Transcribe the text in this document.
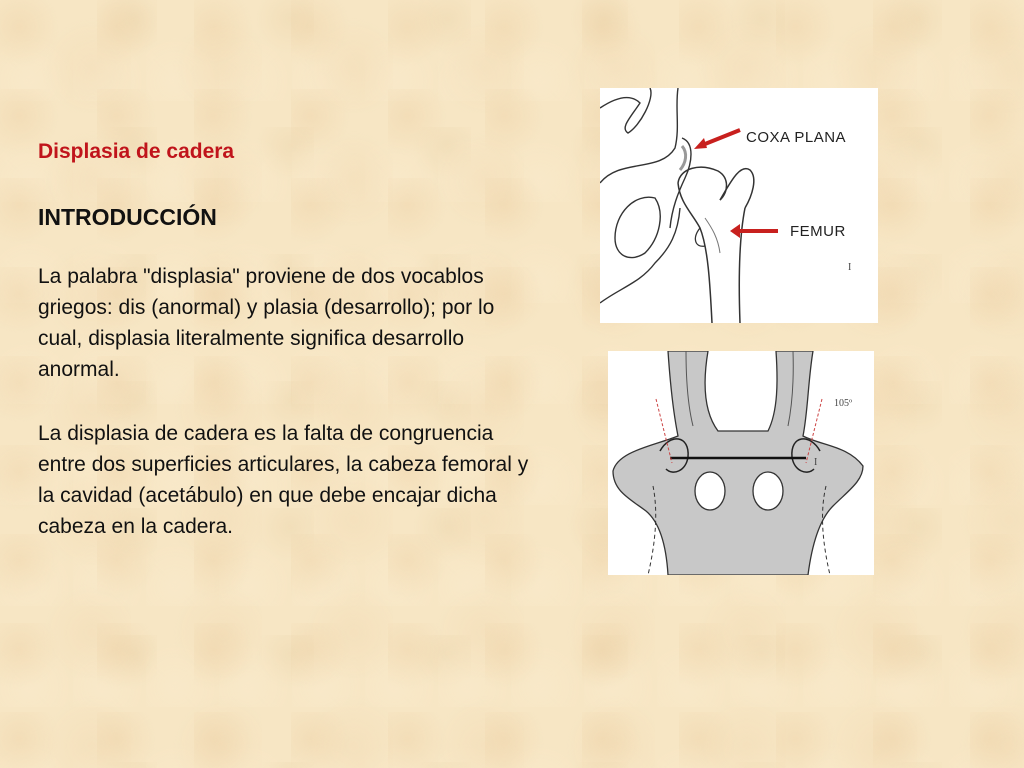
Displasia de cadera
INTRODUCCIÓN

La palabra "displasia" proviene de dos vocablos griegos: dis (anormal) y plasia (desarrollo); por lo cual, displasia literalmente significa desarrollo anormal.

La displasia de cadera es la falta de congruencia entre dos superficies articulares, la cabeza femoral y la cavidad (acetábulo) en que debe encajar dicha cabeza en la cadera.

COXA PLANA
FEMUR
I
105º
I
